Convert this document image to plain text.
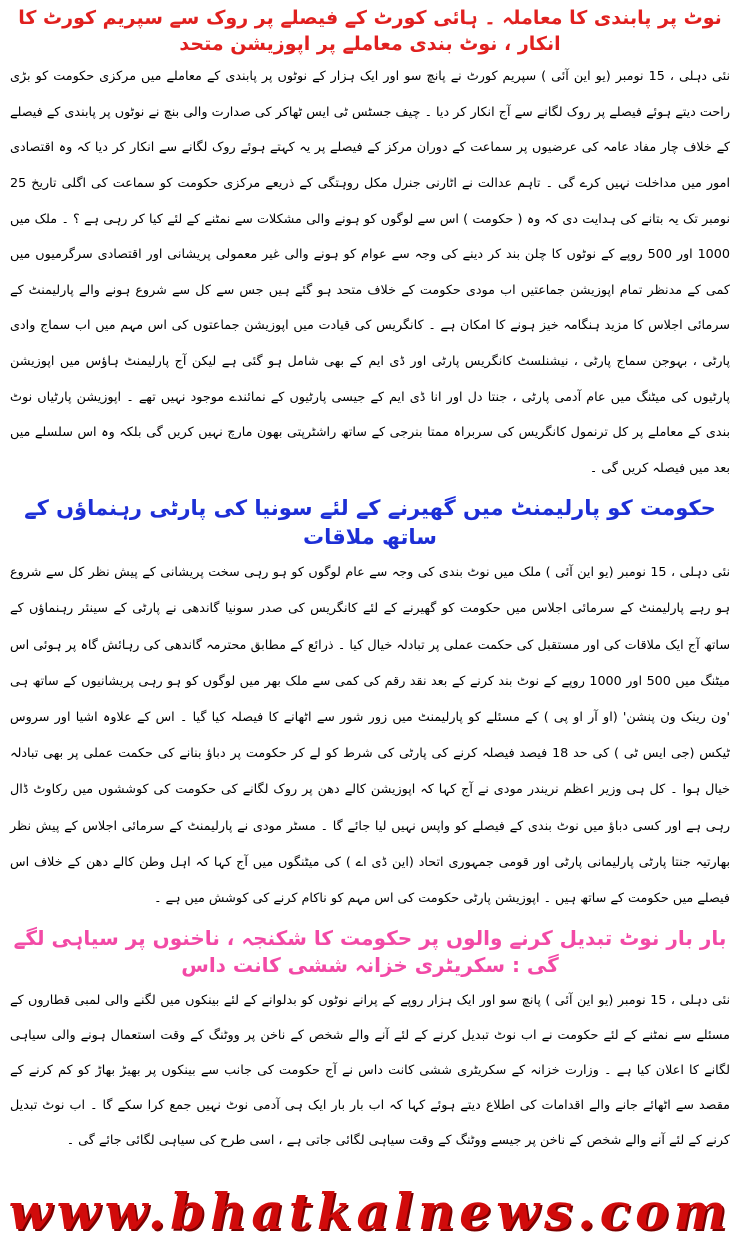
نوٹ پر پابندی کا معاملہ ۔ ہائی کورٹ کے فیصلے پر روک سے سپریم کورٹ کا انکار ، نوٹ بندی معاملے پر اپوزیشن متحد

نئی دہلی ، 15 نومبر (یو این آئی ) سپریم کورٹ نے پانچ سو اور ایک ہزار کے نوٹوں پر پابندی کے معاملے میں مرکزی حکومت کو بڑی راحت دیتے ہوئے فیصلے پر روک لگانے سے آج انکار کر دیا ۔ چیف جسٹس ٹی ایس ٹھاکر کی صدارت والی بنچ نے نوٹوں پر پابندی کے فیصلے کے خلاف چار مفاد عامہ کی عرضیوں پر سماعت کے دوران مرکز کے فیصلے پر یہ کہتے ہوئے روک لگانے سے انکار کر دیا کہ وہ اقتصادی امور میں مداخلت نہیں کرے گی ۔ تاہم عدالت نے اٹارنی جنرل مکل روہتگی کے ذریعے مرکزی حکومت کو سماعت کی اگلی تاریخ 25 نومبر تک یہ بتانے کی ہدایت دی کہ وہ ( حکومت ) اس سے لوگوں کو ہونے والی مشکلات سے نمٹنے کے لئے کیا کر رہی ہے ؟ ۔ ملک میں 1000 اور 500 روپے کے نوٹوں کا چلن بند کر دینے کی وجہ سے عوام کو ہونے والی غیر معمولی پریشانی اور اقتصادی سرگرمیوں میں کمی کے مدنظر تمام اپوزیشن جماعتیں اب مودی حکومت کے خلاف متحد ہو گئے ہیں جس سے کل سے شروع ہونے والے پارلیمنٹ کے سرمائی اجلاس کا مزید ہنگامہ خیز ہونے کا امکان ہے ۔ کانگریس کی قیادت میں اپوزیشن جماعتوں کی اس مہم میں اب سماج وادی پارٹی ، بہوجن سماج پارٹی ، نیشنلسٹ کانگریس پارٹی اور ڈی ایم کے بھی شامل ہو گئی ہے لیکن آج پارلیمنٹ ہاؤس میں اپوزیشن پارٹیوں کی میٹنگ میں عام آدمی پارٹی ، جنتا دل اور انا ڈی ایم کے جیسی پارٹیوں کے نمائندے موجود نہیں تھے ۔ اپوزیشن پارٹیاں نوٹ بندی کے معاملے پر کل ترنمول کانگریس کی سربراہ ممتا بنرجی کے ساتھ راشٹرپتی بھون مارچ نہیں کریں گی بلکہ وہ اس سلسلے میں بعد میں فیصلہ کریں گی ۔

حکومت کو پارلیمنٹ میں گھیرنے کے لئے سونیا کی پارٹی رہنماؤں کے ساتھ ملاقات

نئی دہلی ، 15 نومبر (یو این آئی ) ملک میں نوٹ بندی کی وجہ سے عام لوگوں کو ہو رہی سخت پریشانی کے پیش نظر کل سے شروع ہو رہے پارلیمنٹ کے سرمائی اجلاس میں حکومت کو گھیرنے کے لئے کانگریس کی صدر سونیا گاندھی نے پارٹی کے سینئر رہنماؤں کے ساتھ آج ایک ملاقات کی اور مستقبل کی حکمت عملی پر تبادلہ خیال کیا ۔ ذرائع کے مطابق محترمہ گاندھی کی رہائش گاہ پر ہوئی اس میٹنگ میں 500 اور 1000 روپے کے نوٹ بند کرنے کے بعد نقد رقم کی کمی سے ملک بھر میں لوگوں کو ہو رہی پریشانیوں کے ساتھ ہی 'ون رینک ون پنشن' (او آر او پی ) کے مسئلے کو پارلیمنٹ میں زور شور سے اٹھانے کا فیصلہ کیا گیا ۔ اس کے علاوہ اشیا اور سروس ٹیکس (جی ایس ٹی ) کی حد 18 فیصد فیصلہ کرنے کی پارٹی کی شرط کو لے کر حکومت پر دباؤ بنانے کی حکمت عملی پر بھی تبادلہ خیال ہوا ۔ کل ہی وزیر اعظم نریندر مودی نے آج کہا کہ اپوزیشن کالے دھن پر روک لگانے کی حکومت کی کوششوں میں رکاوٹ ڈال رہی ہے اور کسی دباؤ میں نوٹ بندی کے فیصلے کو واپس نہیں لیا جائے گا ۔ مسٹر مودی نے پارلیمنٹ کے سرمائی اجلاس کے پیش نظر بھارتیہ جنتا پارٹی پارلیمانی پارٹی اور قومی جمہوری اتحاد (این ڈی اے ) کی میٹنگوں میں آج کہا کہ اہل وطن کالے دھن کے خلاف اس فیصلے میں حکومت کے ساتھ ہیں ۔ اپوزیشن پارٹی حکومت کی اس مہم کو ناکام کرنے کی کوشش میں ہے ۔

بار بار نوٹ تبدیل کرنے والوں پر حکومت کا شکنجہ ، ناخنوں پر سیاہی لگے گی : سکریٹری خزانہ ششی کانت داس

نئی دہلی ، 15 نومبر (یو این آئی ) پانچ سو اور ایک ہزار روپے کے پرانے نوٹوں کو بدلوانے کے لئے بینکوں میں لگنے والی لمبی قطاروں کے مسئلے سے نمٹنے کے لئے حکومت نے اب نوٹ تبدیل کرنے کے لئے آنے والے شخص کے ناخن پر ووٹنگ کے وقت استعمال ہونے والی سیاہی لگانے کا اعلان کیا ہے ۔ وزارت خزانہ کے سکریٹری ششی کانت داس نے آج حکومت کی جانب سے بینکوں پر بھیڑ بھاڑ کو کم کرنے کے مقصد سے اٹھائے جانے والے اقدامات کی اطلاع دیتے ہوئے کہا کہ اب بار بار ایک ہی آدمی نوٹ نہیں جمع کرا سکے گا ۔ اب نوٹ تبدیل کرنے کے لئے آنے والے شخص کے ناخن پر جیسے ووٹنگ کے وقت سیاہی لگائی جاتی ہے ، اسی طرح کی سیاہی لگائی جائے گی ۔

www.bhatkalnews.com
